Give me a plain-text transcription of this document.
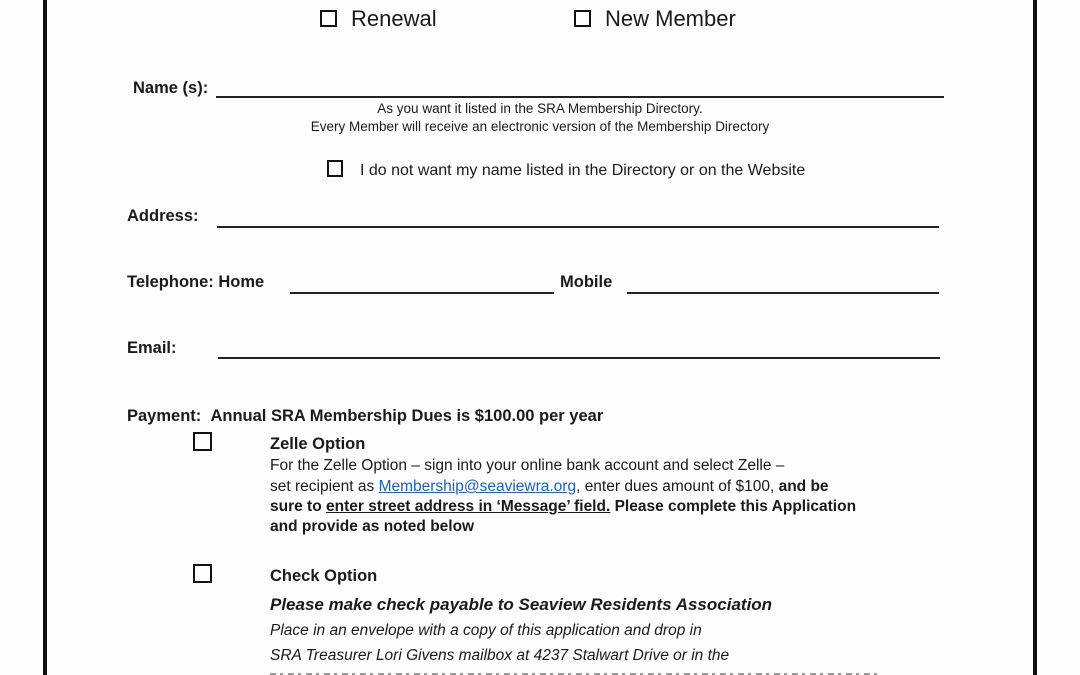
Renewal	New Member
Name (s):
As you want it listed in the SRA Membership Directory.
Every Member will receive an electronic version of the Membership Directory
I do not want my name listed in the Directory or on the Website
Address:
Telephone: Home	Mobile
Email:
Payment: Annual SRA Membership Dues is $100.00 per year
Zelle Option
For the Zelle Option – sign into your online bank account and select Zelle –
set recipient as Membership@seaviewra.org, enter dues amount of $100, and be
sure to enter street address in ‘Message’ field. Please complete this Application
and provide as noted below
Check Option
Please make check payable to Seaview Residents Association
Place in an envelope with a copy of this application and drop in
SRA Treasurer Lori Givens mailbox at 4237 Stalwart Drive or in the
